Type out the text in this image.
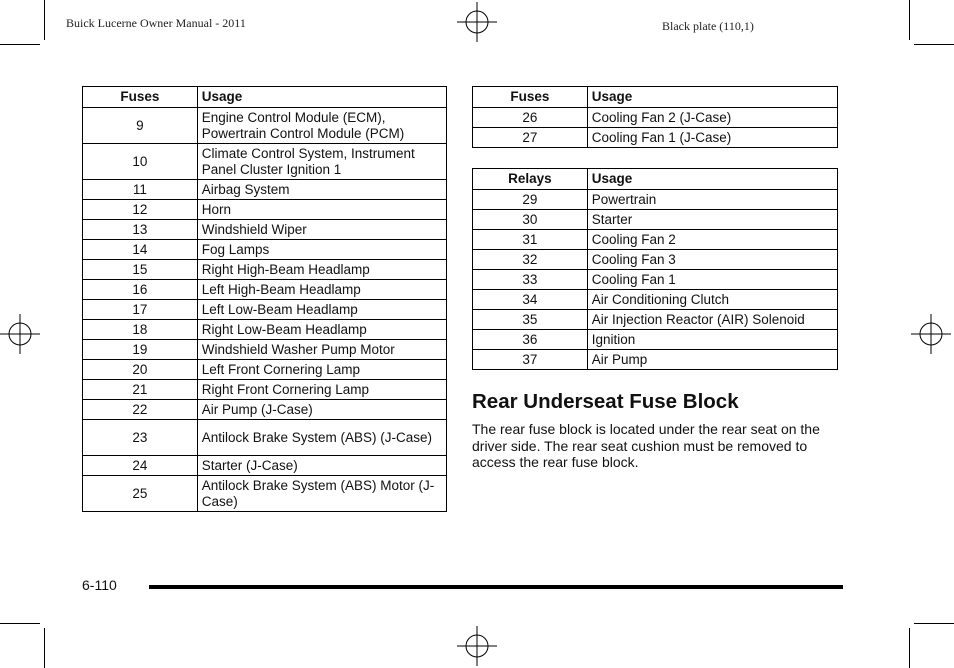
Buick Lucerne Owner Manual - 2011	Black plate (110,1)
Fuses	Usage
9	Engine Control Module (ECM), Powertrain Control Module (PCM)
10	Climate Control System, Instrument Panel Cluster Ignition 1
11	Airbag System
12	Horn
13	Windshield Wiper
14	Fog Lamps
15	Right High-Beam Headlamp
16	Left High-Beam Headlamp
17	Left Low-Beam Headlamp
18	Right Low-Beam Headlamp
19	Windshield Washer Pump Motor
20	Left Front Cornering Lamp
21	Right Front Cornering Lamp
22	Air Pump (J-Case)
23	Antilock Brake System (ABS) (J-Case)
24	Starter (J-Case)
25	Antilock Brake System (ABS) Motor (J-Case)
Fuses	Usage
26	Cooling Fan 2 (J-Case)
27	Cooling Fan 1 (J-Case)
Relays	Usage
29	Powertrain
30	Starter
31	Cooling Fan 2
32	Cooling Fan 3
33	Cooling Fan 1
34	Air Conditioning Clutch
35	Air Injection Reactor (AIR) Solenoid
36	Ignition
37	Air Pump
Rear Underseat Fuse Block

The rear fuse block is located under the rear seat on the driver side. The rear seat cushion must be removed to access the rear fuse block.

6-110
